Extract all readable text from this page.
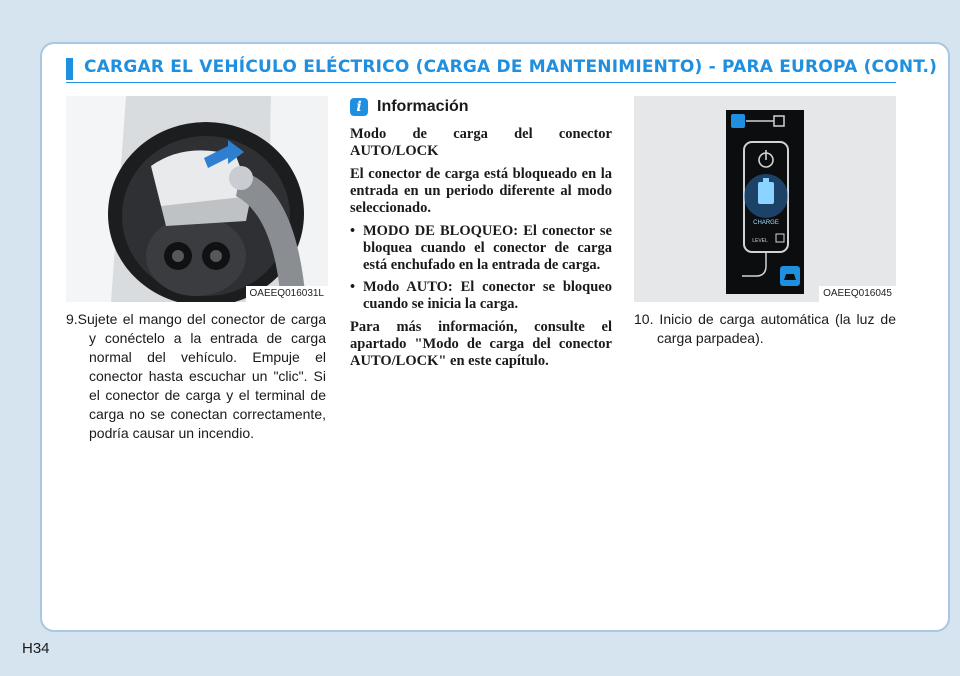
CARGAR EL VEHÍCULO ELÉCTRICO (CARGA DE MANTENIMIENTO) - PARA EUROPA (CONT.)
OAEEQ016031L

9.Sujete el mango del conector de carga y conéctelo a la entrada de carga normal del vehículo. Empuje el conector hasta escuchar un "clic". Si el conector de carga y el terminal de carga no se conectan correctamente, podría causar un incendio.

i Información

Modo de carga del conector AUTO/LOCK

El conector de carga está bloqueado en la entrada en un periodo diferente al modo seleccionado.

• MODO DE BLOQUEO: El conector se bloquea cuando el conector de carga está enchufado en la entrada de carga.
• Modo AUTO: El conector se bloqueo cuando se inicia la carga.

Para más información, consulte el apartado "Modo de carga del conector AUTO/LOCK" en este capítulo.

CHARGE
LEVEL
OAEEQ016045

10. Inicio de carga automática (la luz de carga parpadea).

H34
